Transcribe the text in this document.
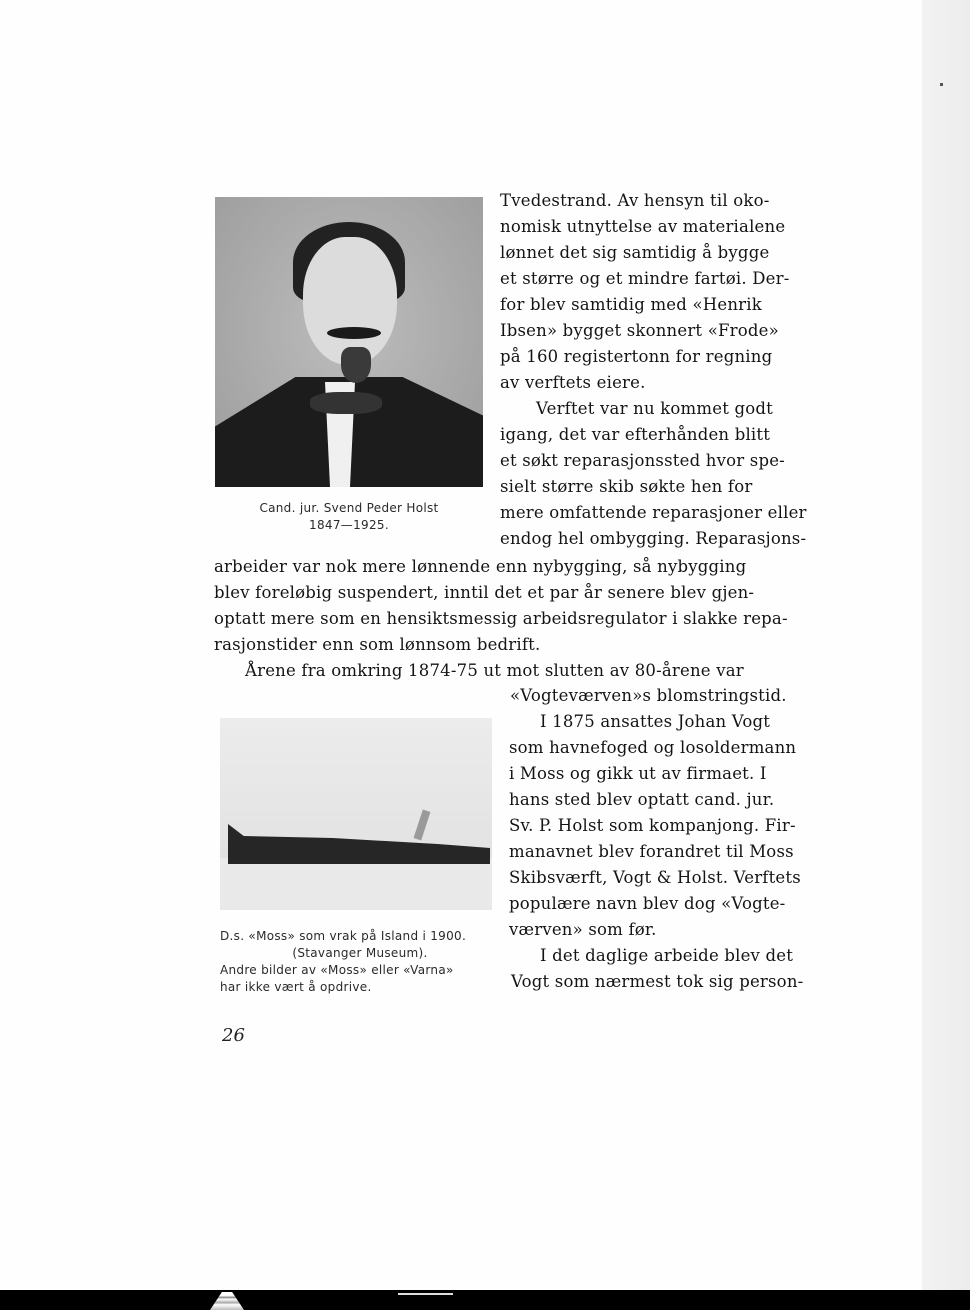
Cand. jur. Svend Peder Holst
1847—1925.
Tvedestrand. Av hensyn til oko-
nomisk utnyttelse av materialene
lønnet det sig samtidig å bygge
et større og et mindre fartøi. Der-
for blev samtidig med «Henrik
Ibsen» bygget skonnert «Frode»
på 160 registertonn for regning
av verftets eiere.
Verftet var nu kommet godt
igang, det var efterhånden blitt
et søkt reparasjonssted hvor spe-
sielt større skib søkte hen for
mere omfattende reparasjoner eller
endog hel ombygging. Reparasjons-
arbeider var nok mere lønnende enn nybygging, så nybygging
blev foreløbig suspendert, inntil det et par år senere blev gjen-
optatt mere som en hensiktsmessig arbeidsregulator i slakke repa-
rasjonstider enn som lønnsom bedrift.
Årene fra omkring 1874-75 ut mot slutten av 80-årene var
«Vogteværven»s blomstringstid.
D.s. «Moss» som vrak på Island i 1900.
(Stavanger Museum).
Andre bilder av «Moss» eller «Varna»
har ikke vært å opdrive.
I 1875 ansattes Johan Vogt
som havnefoged og losoldermann
i Moss og gikk ut av firmaet. I
hans sted blev optatt cand. jur.
Sv. P. Holst som kompanjong. Fir-
manavnet blev forandret til Moss
Skibsværft, Vogt & Holst. Verftets
populære navn blev dog «Vogte-
værven» som før.
I det daglige arbeide blev det
Vogt som nærmest tok sig person-
26
